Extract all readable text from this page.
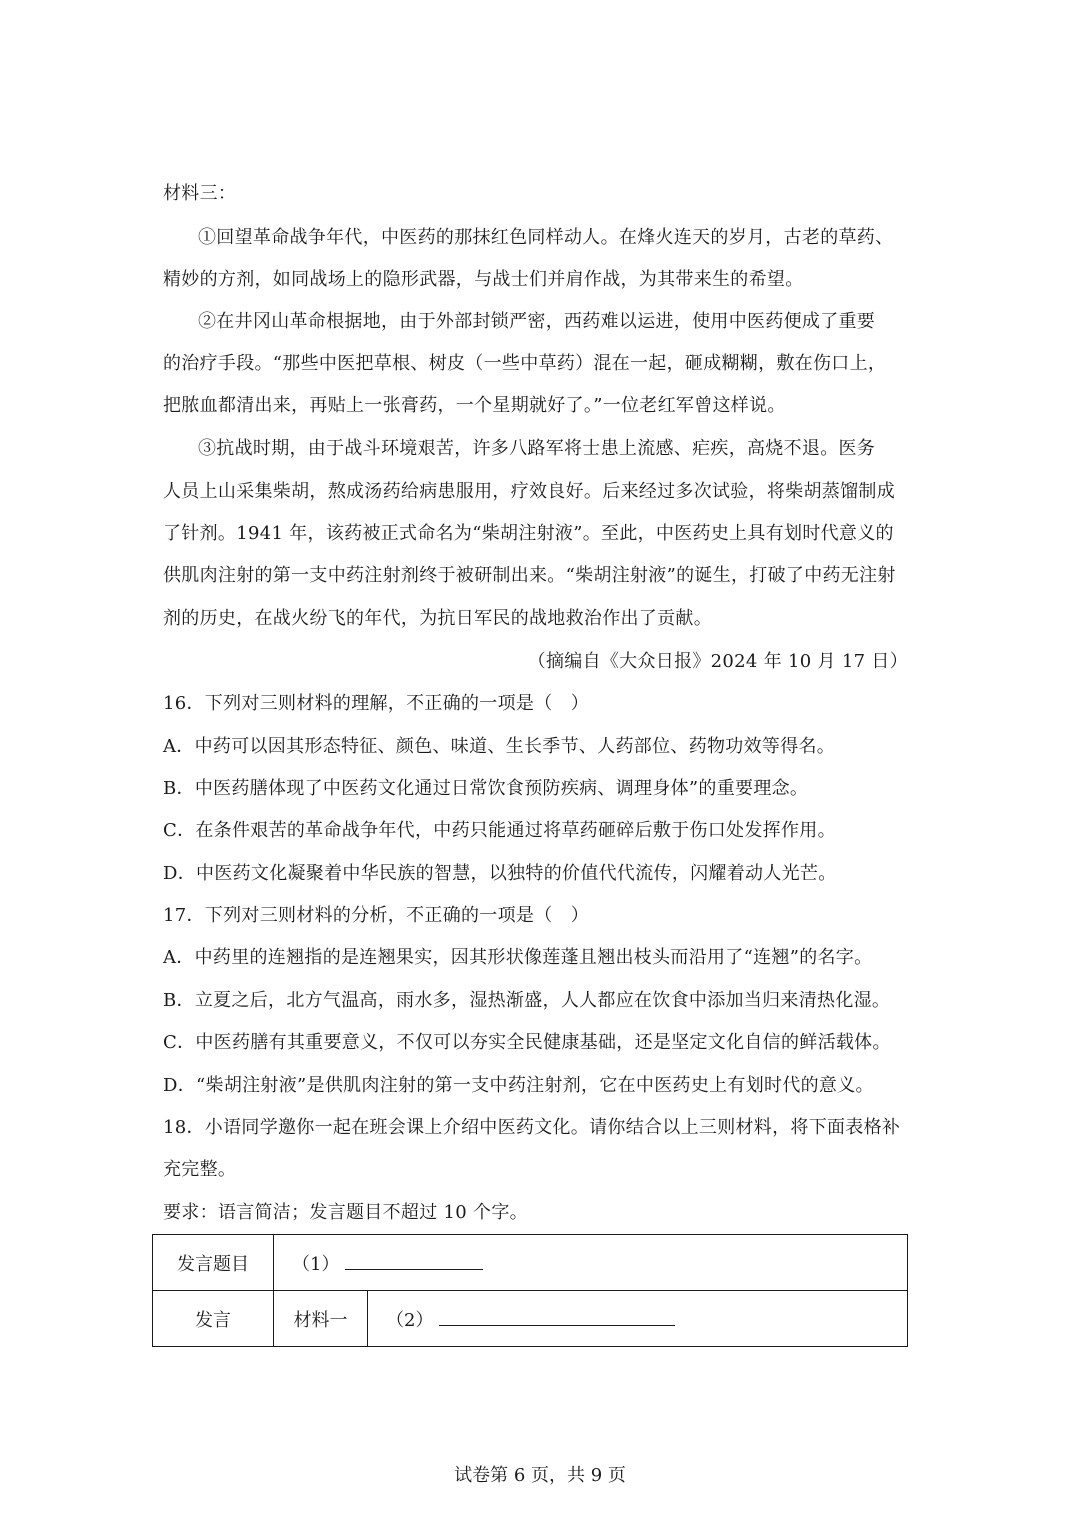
材料三：
①回望革命战争年代，中医药的那抹红色同样动人。在烽火连天的岁月，古老的草药、
精妙的方剂，如同战场上的隐形武器，与战士们并肩作战，为其带来生的希望。
②在井冈山革命根据地，由于外部封锁严密，西药难以运进，使用中医药便成了重要
的治疗手段。“那些中医把草根、树皮（一些中草药）混在一起，砸成糊糊，敷在伤口上，
把脓血都清出来，再贴上一张膏药，一个星期就好了。”一位老红军曾这样说。
③抗战时期，由于战斗环境艰苦，许多八路军将士患上流感、疟疾，高烧不退。医务
人员上山采集柴胡，熬成汤药给病患服用，疗效良好。后来经过多次试验，将柴胡蒸馏制成
了针剂。1941 年，该药被正式命名为“柴胡注射液”。至此，中医药史上具有划时代意义的
供肌肉注射的第一支中药注射剂终于被研制出来。“柴胡注射液”的诞生，打破了中药无注射
剂的历史，在战火纷飞的年代，为抗日军民的战地救治作出了贡献。
（摘编自《大众日报》2024 年 10 月 17 日）
16．下列对三则材料的理解，不正确的一项是（　）
A．中药可以因其形态特征、颜色、味道、生长季节、人药部位、药物功效等得名。
B．中医药膳体现了中医药文化通过日常饮食预防疾病、调理身体”的重要理念。
C．在条件艰苦的革命战争年代，中药只能通过将草药砸碎后敷于伤口处发挥作用。
D．中医药文化凝聚着中华民族的智慧，以独特的价值代代流传，闪耀着动人光芒。
17．下列对三则材料的分析，不正确的一项是（　）
A．中药里的连翘指的是连翘果实，因其形状像莲蓬且翘出枝头而沿用了“连翘”的名字。
B．立夏之后，北方气温高，雨水多，湿热渐盛，人人都应在饮食中添加当归来清热化湿。
C．中医药膳有其重要意义，不仅可以夯实全民健康基础，还是坚定文化自信的鲜活载体。
D．“柴胡注射液”是供肌肉注射的第一支中药注射剂，它在中医药史上有划时代的意义。
18．小语同学邀你一起在班会课上介绍中医药文化。请你结合以上三则材料，将下面表格补
充完整。
要求：语言简洁；发言题目不超过 10 个字。
发言题目	（1）	
发言	材料一	（2）
试卷第 6 页，共 9 页
